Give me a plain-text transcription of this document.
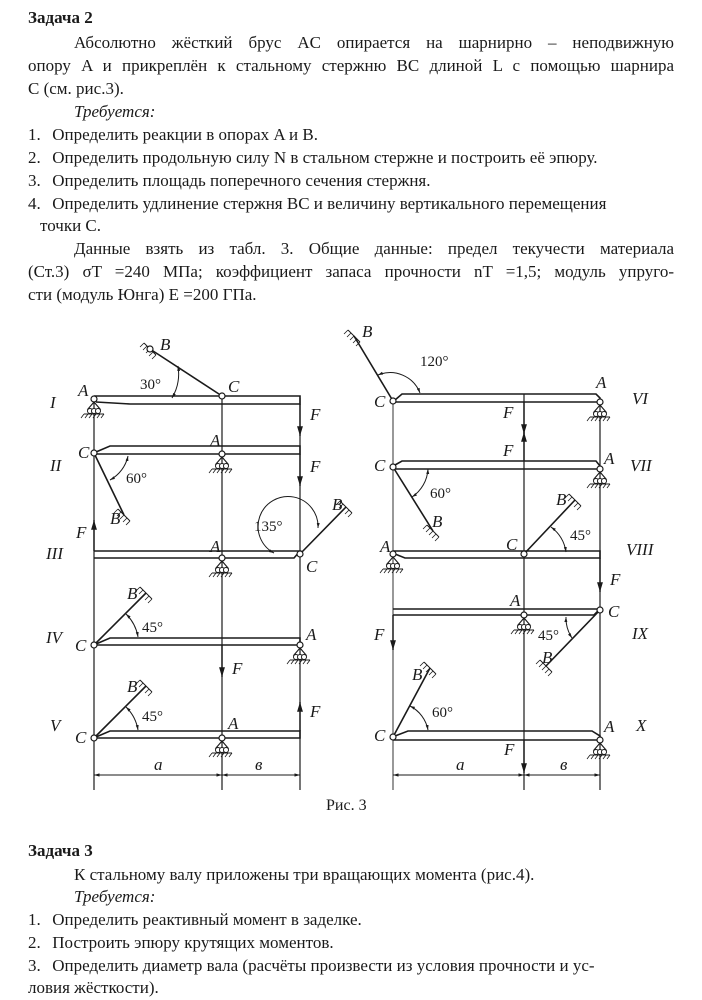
Задача 2
Абсолютно жёсткий брус AC опирается на шарнирно – неподвижную
опору A и прикреплён к стальному стержню BC длиной L с помощью шарнира
C (см. рис.3).
Требуется:
1. Определить реакции в опорах A и B.
2. Определить продольную силу N в стальном стержне и построить её эпюру.
3. Определить площадь поперечного сечения стержня.
4. Определить удлинение стержня BC и величину вертикального перемещения
точки C.
Данные взять из табл. 3. Общие данные: предел текучести материала
(Ст.3) σT =240 МПа; коэффициент запаса прочности nT =1,5; модуль упруго-
сти (модуль Юнга) E =200 ГПа.
I
A
B
C
F
30°
II
C
A
F
60°
B
III
F
A
C
B
135°
IV C
B
45°	A
F
V
C
B
45°	A
F
a	в
B
120°
C
A
VI
F
F
C	A VII
60°
B
B
45°
A	C	VIII
F
A
C
IX
45°
F
B
B
60°
C	A X
F
a	в
Рис. 3
Задача 3
К стальному валу приложены три вращающих момента (рис.4).
Требуется:
1. Определить реактивный момент в заделке.
2. Построить эпюру крутящих моментов.
3. Определить диаметр вала (расчёты произвести из условия прочности и ус-
ловия жёсткости).
